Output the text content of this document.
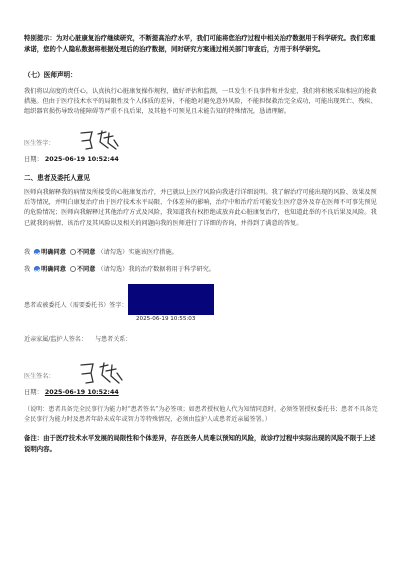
特别提示：为对心脏康复治疗继续研究，不断提高治疗水平，我们可能将您治疗过程中相关治疗数据用于科学研究。我们郑重承诺，您的个人隐私数据将根据处理后的治疗数据，同时研究方案通过相关部门审查后，方用于科学研究。
（七）医师声明：
我们将以高度的责任心，认真执行心脏康复操作规程，做好评估和监测，一旦发生不良事件和并发症，我们将积极采取相应的抢救措施。但由于医疗技术水平的局限性及个人体质的差异，不能绝对避免意外风险，不能担保救治完全成功，可能出现死亡、残疾、组织器官损伤导致功能障碍等严重不良后果，及其他不可预见且未能告知的特殊情况，恳请理解。
医生签字：
日期： 2025-06-19 10:52:44
二、患者及委托人意见
医师向我解释我的病情及所接受的心脏康复治疗，并已就以上医疗风险向我进行详细说明。我了解治疗可能出现的风险、效果及预后等情况，并明白康复治疗由于医疗技术水平局限、个体差异的影响，治疗中和治疗后可能发生医疗意外及存在医师不可事先预见的危险情况；医师向我解释过其他治疗方式及风险，我知道我有权拒绝或放弃此心脏康复治疗，也知道此举的不良后果及风险。我已就我的病情、该治疗及其风险以及相关的问题向我的医师进行了详细的咨询，并得到了满意的答复。
我 明确同意 不同意 （请勾选）实施该医疗措施。
我 明确同意 不同意 （请勾选）我的治疗数据将用于科学研究。
患者或被委托人（需要委托书）签字：
2025-06-19 10:55:03
近亲家属/监护人签名： 与患者关系：
医生签名：
日期： 2025-06-19 10:52:44
（说明：患者具备完全民事行为能力时“患者签名”为必签项；如患者授权他人代为知情同意时，必须签署授权委托书；患者不具备完全民事行为能力时及患者年龄未成年或智力等特殊情况，必须由监护人或患者近亲属签署。）
备注：由于医疗技术水平发展的局限性和个体差异，存在医务人员难以预知的风险，故诊疗过程中实际出现的风险不限于上述说明内容。
